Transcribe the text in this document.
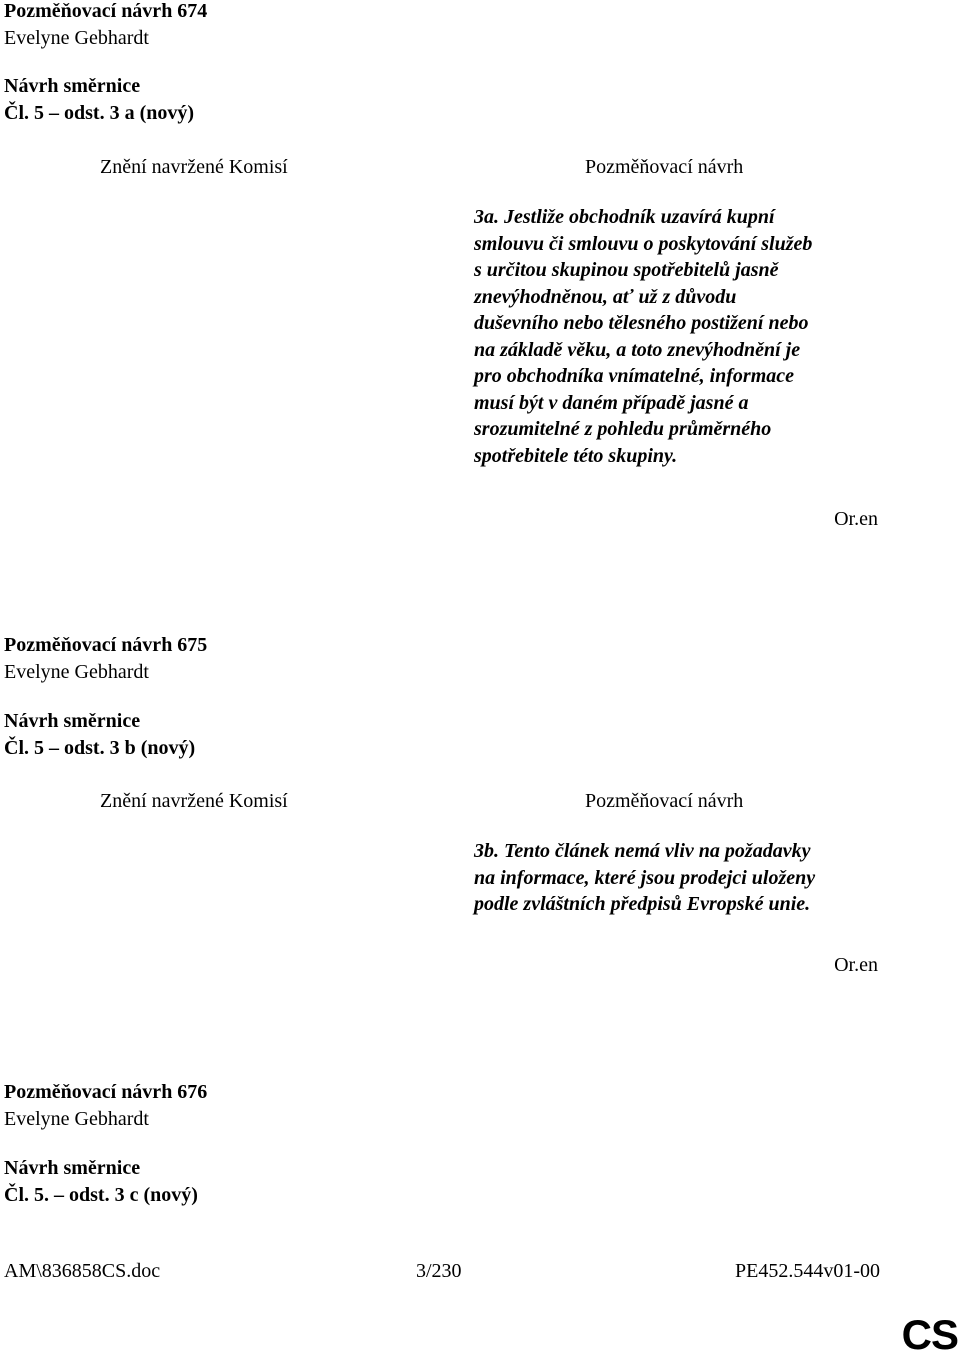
Pozměňovací návrh 674
Evelyne Gebhardt
Návrh směrnice
Čl. 5 – odst. 3 a (nový)
Znění navržené Komisí	Pozměňovací návrh
3a. Jestliže obchodník uzavírá kupní
smlouvu či smlouvu o poskytování služeb
s určitou skupinou spotřebitelů jasně
znevýhodněnou, ať už z důvodu
duševního nebo tělesného postižení nebo
na základě věku, a toto znevýhodnění je
pro obchodníka vnímatelné, informace
musí být v daném případě jasné a
srozumitelné z pohledu průměrného
spotřebitele této skupiny.
Or.en
Pozměňovací návrh 675
Evelyne Gebhardt
Návrh směrnice
Čl. 5 – odst. 3 b (nový)
Znění navržené Komisí	Pozměňovací návrh
3b. Tento článek nemá vliv na požadavky
na informace, které jsou prodejci uloženy
podle zvláštních předpisů Evropské unie.
Or.en
Pozměňovací návrh 676
Evelyne Gebhardt
Návrh směrnice
Čl. 5. – odst. 3 c (nový)
AM\836858CS.doc	3/230	PE452.544v01-00
CS
